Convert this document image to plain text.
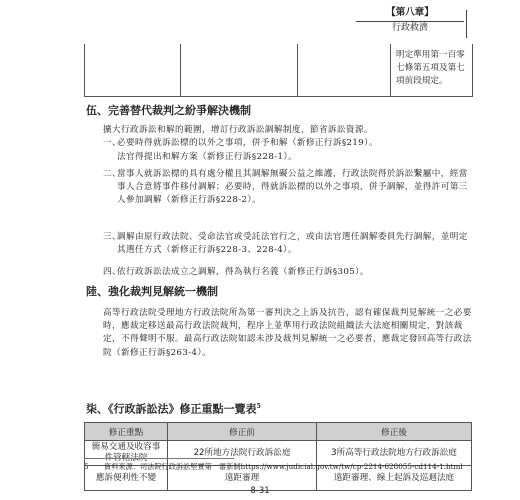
【第八章】
行政救濟
明定準用第一百零七條第五項及第七項前段規定。
伍、完善替代裁判之紛爭解決機制

擴大行政訴訟和解的範圍，增訂行政訴訟調解制度，節省訴訟資源。

一、

必要時得就訴訟標的以外之事項，併予和解（新修正行訴§219）。

法官得提出和解方案（新修正行訴§228-1）。

二、

當事人就訴訟標的具有處分權且其調解無礙公益之維護，行政法院得於訴訟繫屬中，經當事人合意將事件移付調解；必要時，得就訴訟標的以外之事項，併予調解，並得許可第三人參加調解（新修正行訴§228-2）。

三、

調解由原行政法院、受命法官或受託法官行之，或由法官選任調解委員先行調解，並明定其選任方式（新修正行訴§228-3、228-4）。

四、

依行政訴訟法成立之調解，得為執行名義（新修正行訴§305）。

陸、強化裁判見解統一機制

高等行政法院受理地方行政法院所為第一審判決之上訴及抗告，認有確保裁判見解統一之必要時，應裁定移送最高行政法院裁判，程序上並準用行政法院組織法大法庭相關規定，對該裁定，不得聲明不服。最高行政法院如認未涉及裁判見解統一之必要者，應裁定發回高等行政法院（新修正行訴§263-4）。

柒、《行政訴訟法》修正重點一覽表$^5$
修正重點	修正前	修正後
簡易交通及收容事件管轄法院	22所地方法院行政訴訟庭	3所高等行政法院地方行政訴訟庭
應訴便利性不變	遠距審理	遠距審理、線上起訴及巡迴法庭
5 資料來源：司法院行政訴訟堅實第一審新制https://www.judicial.gov.tw/tw/cp-2214-628055-cd114-1.html
8-31
